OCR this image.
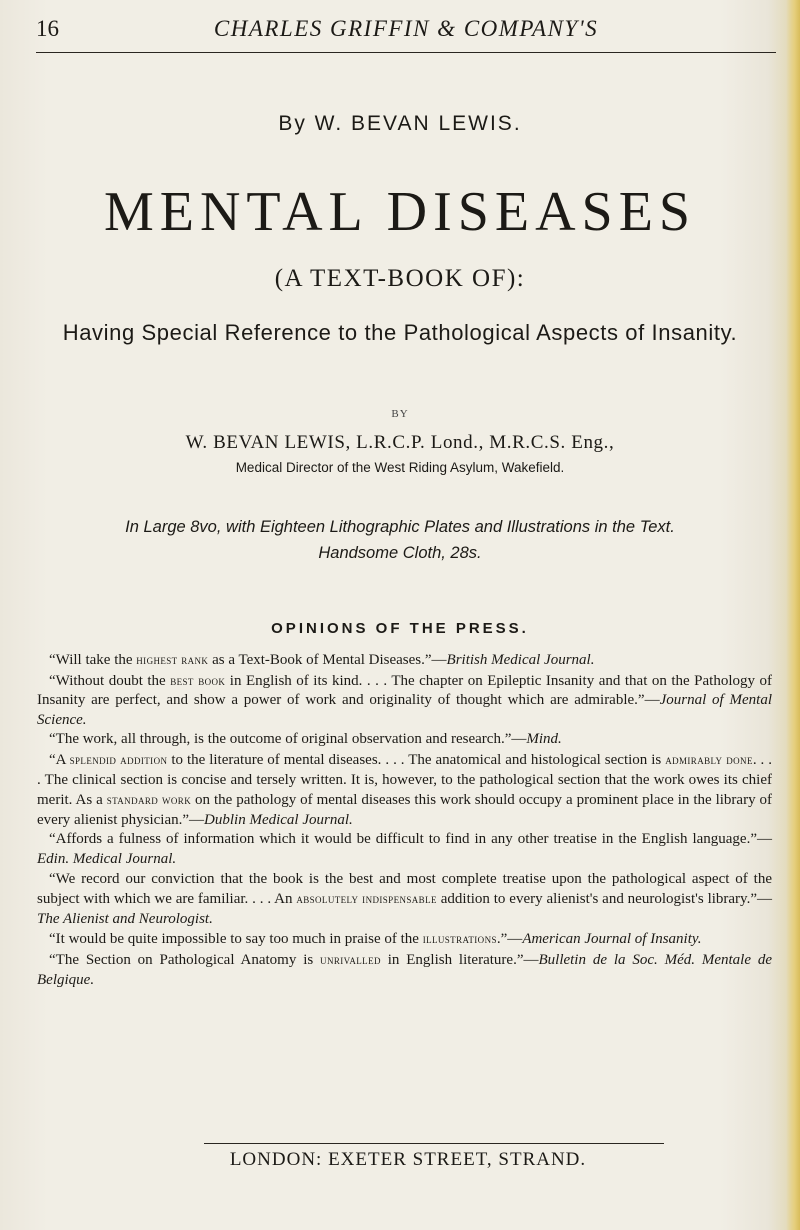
16	CHARLES GRIFFIN & COMPANY'S
By W. BEVAN LEWIS.
MENTAL DISEASES
(A TEXT-BOOK OF):
Having Special Reference to the Pathological Aspects of Insanity.
BY
W. BEVAN LEWIS, L.R.C.P. Lond., M.R.C.S. Eng.,
Medical Director of the West Riding Asylum, Wakefield.
In Large 8vo, with Eighteen Lithographic Plates and Illustrations in the Text.
Handsome Cloth, 28s.
OPINIONS OF THE PRESS.

“Will take the highest rank as a Text-Book of Mental Diseases.”—British Medical Journal.

“Without doubt the best book in English of its kind. . . . The chapter on Epileptic Insanity and that on the Pathology of Insanity are perfect, and show a power of work and originality of thought which are admirable.”—Journal of Mental Science.

“The work, all through, is the outcome of original observation and research.”—Mind.

“A splendid addition to the literature of mental diseases. . . . The anatomical and histological section is admirably done. . . . The clinical section is concise and tersely written. It is, however, to the pathological section that the work owes its chief merit. As a standard work on the pathology of mental diseases this work should occupy a prominent place in the library of every alienist physician.”—Dublin Medical Journal.

“Affords a fulness of information which it would be difficult to find in any other treatise in the English language.”—Edin. Medical Journal.

“We record our conviction that the book is the best and most complete treatise upon the pathological aspect of the subject with which we are familiar. . . . An absolutely indispensable addition to every alienist's and neurologist's library.”—The Alienist and Neurologist.

“It would be quite impossible to say too much in praise of the illustrations.”—American Journal of Insanity.

“The Section on Pathological Anatomy is unrivalled in English literature.”—Bulletin de la Soc. Méd. Mentale de Belgique.

LONDON: EXETER STREET, STRAND.
